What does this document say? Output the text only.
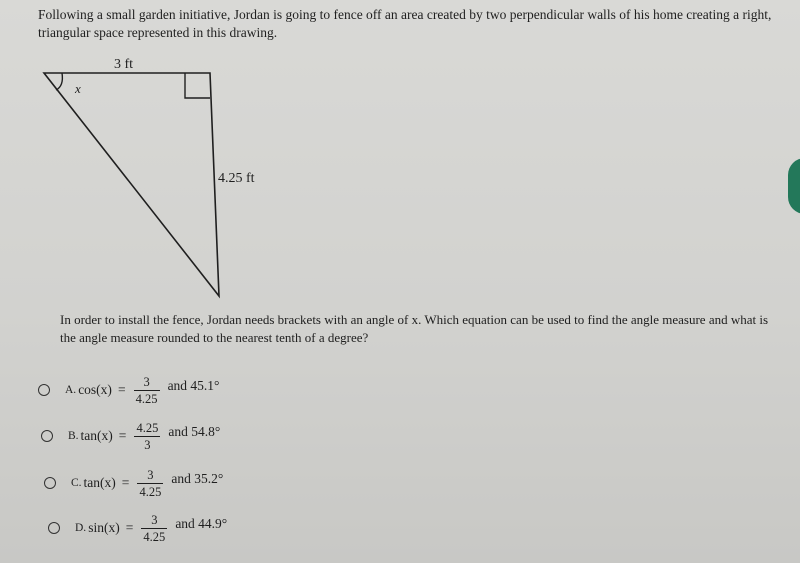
Following a small garden initiative, Jordan is going to fence off an area created by two perpendicular walls of his home creating a right, triangular space represented in this drawing.
3 ft
4.25 ft
x
In order to install the fence, Jordan needs brackets with an angle of x. Which equation can be used to find the angle measure and what is the angle measure rounded to the nearest tenth of a degree?
A. $\cos(x) = \frac{3}{4.25}$ and 45.1°
B. $\tan(x) = \frac{4.25}{3}$ and 54.8°
C. $\tan(x) = \frac{3}{4.25}$ and 35.2°
D. $\sin(x) = \frac{3}{4.25}$ and 44.9°
